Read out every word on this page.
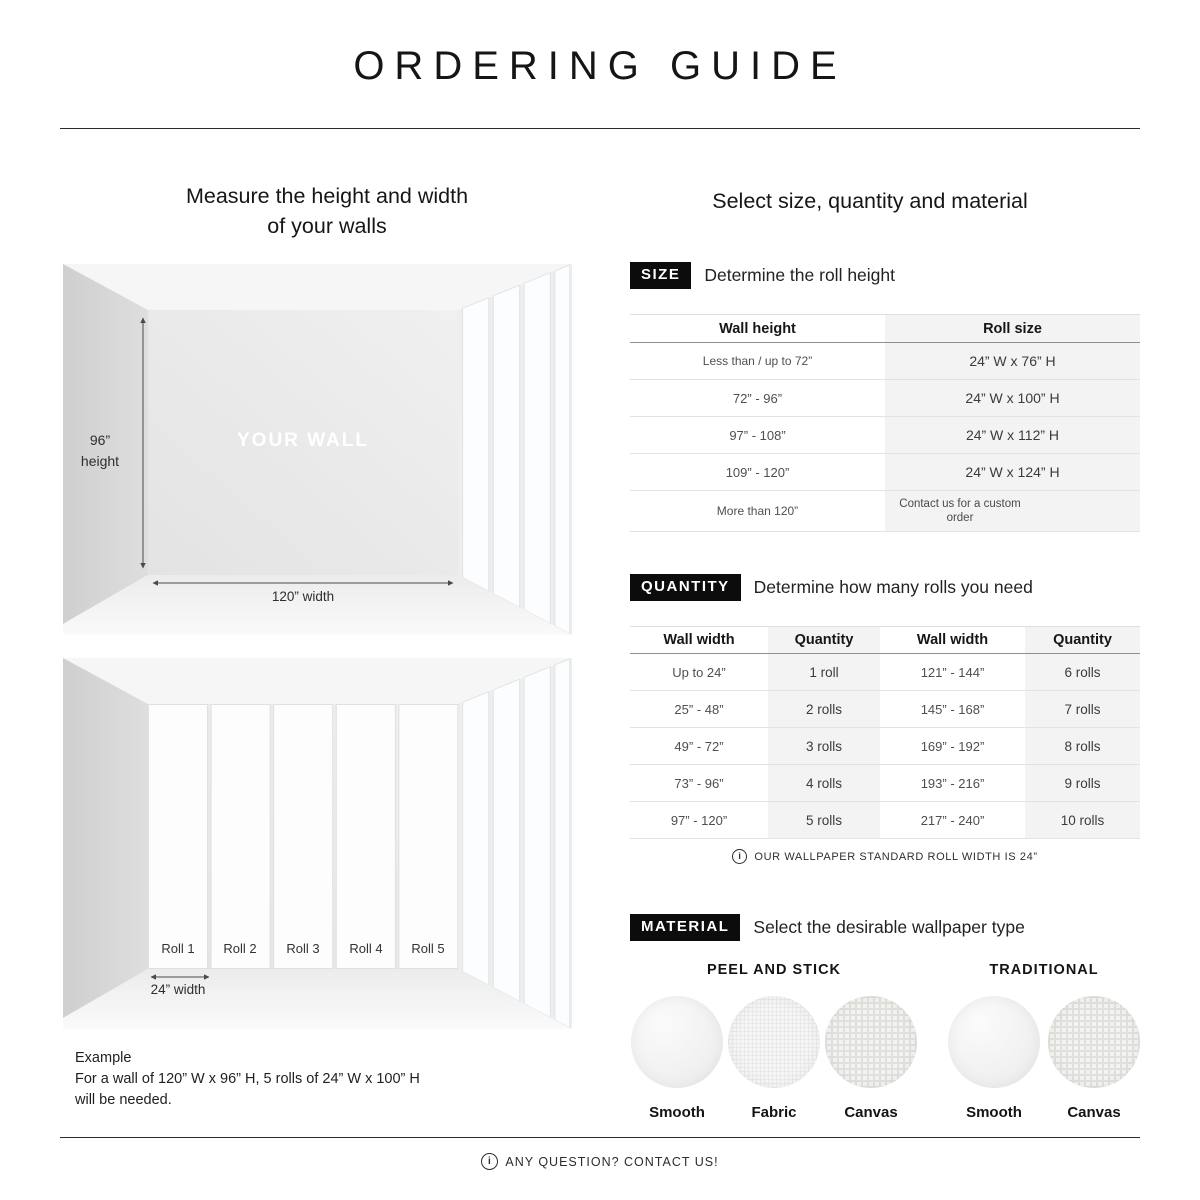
ORDERING GUIDE
Measure the height and width
of your walls
96”
height
YOUR WALL
120” width
Roll 1	Roll 2	Roll 3	Roll 4	Roll 5
24” width
Example
For a wall of 120” W x 96” H, 5 rolls of 24” W x 100” H
will be needed.
Select size, quantity and material
SIZE	Determine the roll height
Wall height	Roll size
Less than / up to 72”	24” W x 76” H
72” - 96”	24” W x 100” H
97” - 108”	24” W x 112” H
109” - 120”	24” W x 124” H
More than 120”	Contact us for a custom order
QUANTITY	Determine how many rolls you need
Wall width	Quantity	Wall width	Quantity
Up to 24”	1 roll	121” - 144”	6 rolls
25” - 48”	2 rolls	145” - 168”	7 rolls
49” - 72”	3 rolls	169” - 192”	8 rolls
73” - 96”	4 rolls	193” - 216”	9 rolls
97” - 120”	5 rolls	217” - 240”	10 rolls
i
OUR WALLPAPER STANDARD ROLL WIDTH IS 24”
MATERIAL	Select the desirable wallpaper type
PEEL AND STICK
Smooth	Fabric	Canvas
TRADITIONAL
Smooth	Canvas
i
ANY QUESTION? CONTACT US!
